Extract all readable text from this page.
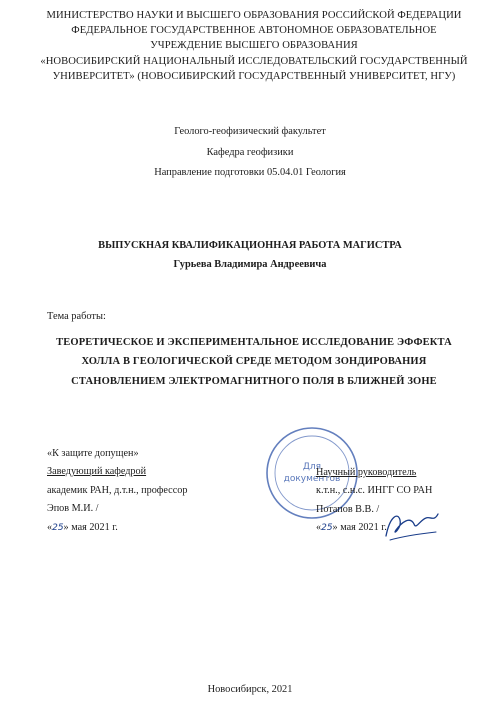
МИНИСТЕРСТВО НАУКИ И ВЫСШЕГО ОБРАЗОВАНИЯ РОССИЙСКОЙ ФЕДЕРАЦИИ
ФЕДЕРАЛЬНОЕ ГОСУДАРСТВЕННОЕ АВТОНОМНОЕ ОБРАЗОВАТЕЛЬНОЕ
УЧРЕЖДЕНИЕ ВЫСШЕГО ОБРАЗОВАНИЯ
«НОВОСИБИРСКИЙ НАЦИОНАЛЬНЫЙ ИССЛЕДОВАТЕЛЬСКИЙ ГОСУДАРСТВЕННЫЙ
УНИВЕРСИТЕТ» (НОВОСИБИРСКИЙ ГОСУДАРСТВЕННЫЙ УНИВЕРСИТЕТ, НГУ)
Геолого-геофизический факультет
Кафедра геофизики
Направление подготовки 05.04.01 Геология
ВЫПУСКНАЯ КВАЛИФИКАЦИОННАЯ РАБОТА МАГИСТРА
Гурьева Владимира Андреевича
Тема работы:
ТЕОРЕТИЧЕСКОЕ И ЭКСПЕРИМЕНТАЛЬНОЕ ИССЛЕДОВАНИЕ ЭФФЕКТА
ХОЛЛА В ГЕОЛОГИЧЕСКОЙ СРЕДЕ МЕТОДОМ ЗОНДИРОВАНИЯ
СТАНОВЛЕНИЕМ ЭЛЕКТРОМАГНИТНОГО ПОЛЯ В БЛИЖНЕЙ ЗОНЕ
Для
документов
«К защите допущен»
Заведующий кафедрой
академик РАН, д.т.н., профессор
Эпов М.И. /
«25» мая 2021 г.
Научный руководитель
к.т.н., с.н.с. ИНГГ СО РАН
Потапов В.В. /
«25» мая 2021 г.
Новосибирск, 2021
